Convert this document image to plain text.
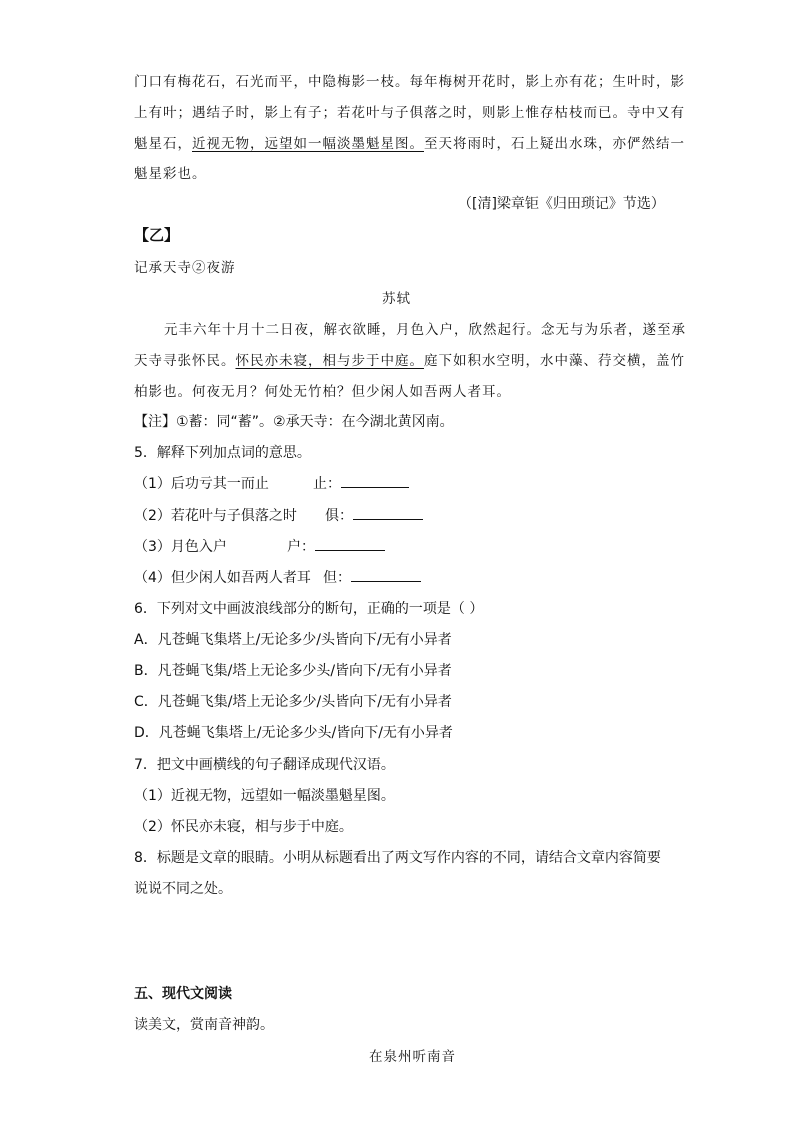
门口有梅花石，石光而平，中隐梅影一枝。每年梅树开花时，影上亦有花；生叶时，影
上有叶；遇结子时，影上有子；若花叶与子俱落之时，则影上惟存枯枝而已。寺中又有
魁星石，近视无物，远望如一幅淡墨魁星图。至天将雨时，石上疑出水珠，亦俨然结一
魁星彩也。
（[清]梁章钜《归田琐记》节选）
【乙】
记承天寺②夜游
苏轼
元丰六年十月十二日夜，解衣欲睡，月色入户，欣然起行。念无与为乐者，遂至承
天寺寻张怀民。怀民亦未寝，相与步于中庭。庭下如积水空明，水中藻、荇交横，盖竹
柏影也。何夜无月？何处无竹柏？但少闲人如吾两人者耳。
【注】①蓄：同“蓄”。②承天寺：在今湖北黄冈南。
5．解释下列加点词的意思。
（1）后功亏其一而止	止：
（2）若花叶与子俱落之时 俱：
（3）月色入户	户：
（4）但少闲人如吾两人者耳 但：
6．下列对文中画波浪线部分的断句，正确的一项是（ ）
A．凡苍蝇飞集塔上/无论多少/头皆向下/无有小异者
B．凡苍蝇飞集/塔上无论多少头/皆向下/无有小异者
C．凡苍蝇飞集/塔上无论多少/头皆向下/无有小异者
D．凡苍蝇飞集塔上/无论多少头/皆向下/无有小异者
7．把文中画横线的句子翻译成现代汉语。
（1）近视无物，远望如一幅淡墨魁星图。
（2）怀民亦未寝，相与步于中庭。
8．标题是文章的眼睛。小明从标题看出了两文写作内容的不同，请结合文章内容简要
说说不同之处。
五、现代文阅读
读美文，赏南音神韵。
在泉州听南音
